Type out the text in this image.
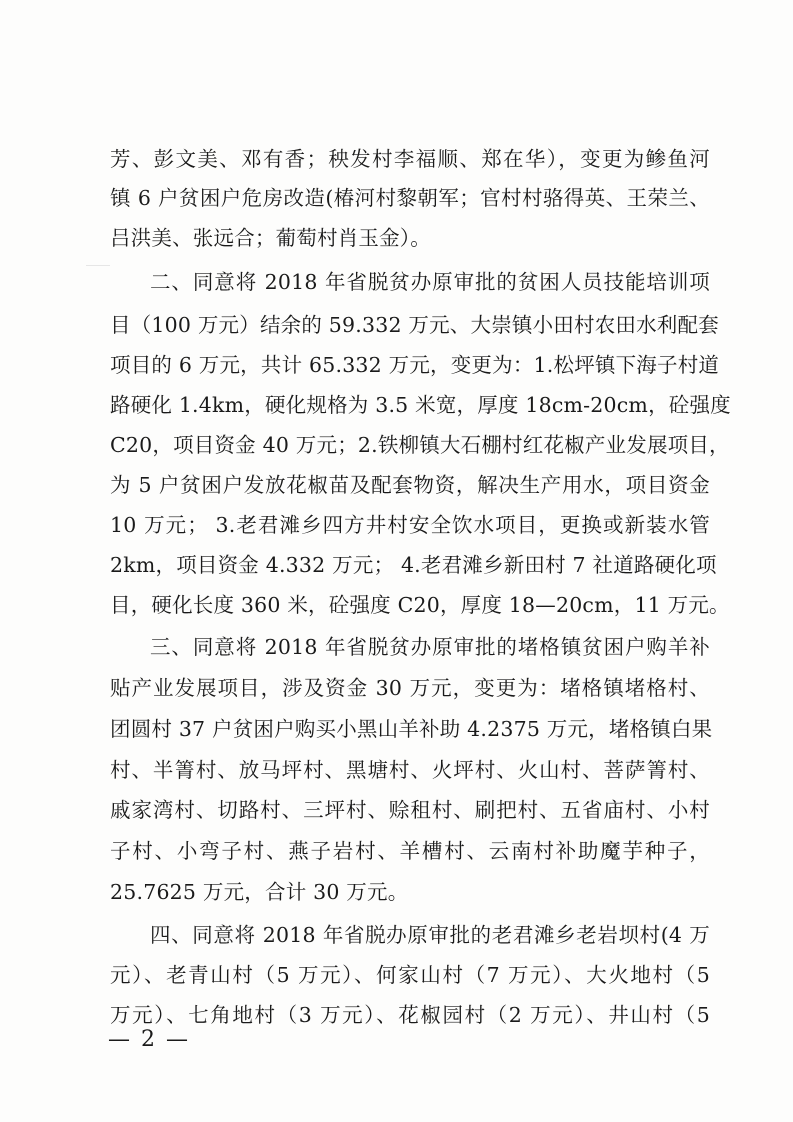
芳、彭文美、邓有香；秧发村李福顺、郑在华），变更为鲹鱼河
镇 6 户贫困户危房改造(椿河村黎朝军；官村村骆得英、王荣兰、
吕洪美、张远合；葡萄村肖玉金）。
二、同意将 2018 年省脱贫办原审批的贫困人员技能培训项
目（100 万元）结余的 59.332 万元、大崇镇小田村农田水利配套
项目的 6 万元，共计 65.332 万元，变更为：1.松坪镇下海子村道
路硬化 1.4km，硬化规格为 3.5 米宽，厚度 18cm-20cm，砼强度
C20，项目资金 40 万元；2.铁柳镇大石棚村红花椒产业发展项目，
为 5 户贫困户发放花椒苗及配套物资，解决生产用水，项目资金
10 万元； 3.老君滩乡四方井村安全饮水项目，更换或新装水管
2km，项目资金 4.332 万元； 4.老君滩乡新田村 7 社道路硬化项
目，硬化长度 360 米，砼强度 C20，厚度 18—20cm，11 万元。
三、同意将 2018 年省脱贫办原审批的堵格镇贫困户购羊补
贴产业发展项目，涉及资金 30 万元，变更为：堵格镇堵格村、
团圆村 37 户贫困户购买小黑山羊补助 4.2375 万元，堵格镇白果
村、半箐村、放马坪村、黑塘村、火坪村、火山村、菩萨箐村、
戚家湾村、切路村、三坪村、赊租村、刷把村、五省庙村、小村
子村、小弯子村、燕子岩村、羊槽村、云南村补助魔芋种子，
25.7625 万元，合计 30 万元。
四、同意将 2018 年省脱办原审批的老君滩乡老岩坝村(4 万
元）、老青山村（5 万元）、何家山村（7 万元）、大火地村（5
万元）、七角地村（3 万元）、花椒园村（2 万元）、井山村（5
— 2 —
